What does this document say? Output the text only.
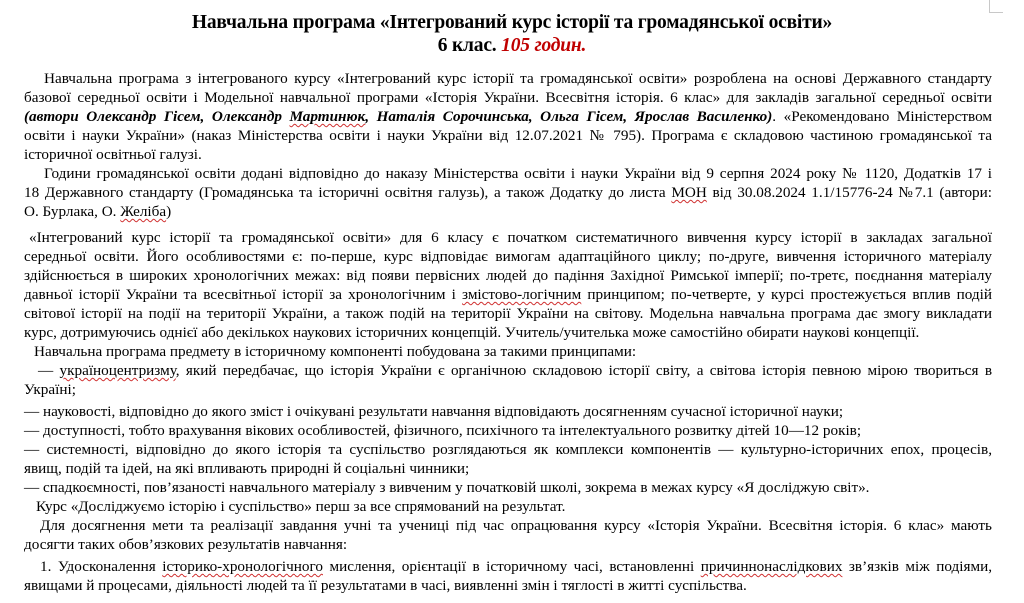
Навчальна програма «Інтегрований курс історії та громадянської освіти»
6 клас. 105 годин.
Навчальна програма з інтегрованого курсу «Інтегрований курс історії та громадянської освіти» розроблена на основі Державного стандарту
базової середньої освіти і Модельної навчальної програми «Історія України. Всесвітня історія. 6 клас» для закладів загальної середньої освіти
(автори Олександр Гісем, Олександр Мартинюк, Наталія Сорочинська, Ольга Гісем, Ярослав Василенко). «Рекомендовано Міністерством
освіти і науки України» (наказ Міністерства освіти і науки України від 12.07.2021 № 795). Програма є складовою частиною громадянської та
історичної освітньої галузі.
Години громадянської освіти додані відповідно до наказу Міністерства освіти і науки України від 9 серпня 2024 року № 1120, Додатків 17 і
18 Державного стандарту (Громадянська та історичні освітня галузь), а також Додатку до листа МОН від 30.08.2024 1.1/15776-24 №7.1 (автори:
О. Бурлака, О. Желіба)
«Інтегрований курс історії та громадянської освіти» для 6 класу є початком систематичного вивчення курсу історії в закладах загальної
середньої освіти. Його особливостями є: по-перше, курс відповідає вимогам адаптаційного циклу; по-друге, вивчення історичного матеріалу
здійснюється в широких хронологічних межах: від появи первісних людей до падіння Західної Римської імперії; по-третє, поєднання матеріалу
давньої історії України та всесвітньої історії за хронологічним і змістово-логічним принципом; по-четверте, у курсі простежується вплив подій
світової історії на події на території України, а також подій на території України на світову. Модельна навчальна програма дає змогу викладати
курс, дотримуючись однієї або декількох наукових історичних концепцій. Учитель/учителька може самостійно обирати наукові концепції.
Навчальна програма предмету в історичному компоненті побудована за такими принципами:
— україноцентризму, який передбачає, що історія України є органічною складовою історії світу, а світова історія певною мірою твориться в
Україні;
— науковості, відповідно до якого зміст і очікувані результати навчання відповідають досягненням сучасної історичної науки;
— доступності, тобто врахування вікових особливостей, фізичного, психічного та інтелектуального розвитку дітей 10—12 років;
— системності, відповідно до якого історія та суспільство розглядаються як комплекси компонентів — культурно-історичних епох, процесів,
явищ, подій та ідей, на які впливають природні й соціальні чинники;
— спадкоємності, пов’язаності навчального матеріалу з вивченим у початковій школі, зокрема в межах курсу «Я досліджую світ».
Курс «Досліджуємо історію і суспільство» перш за все спрямований на результат.
Для досягнення мети та реалізації завдання учні та учениці під час опрацювання курсу «Історія України. Всесвітня історія. 6 клас» мають
досягти таких обов’язкових результатів навчання:
1. Удосконалення історико-хронологічного мислення, орієнтації в історичному часі, встановленні причиннонаслідкових зв’язків між подіями,
явищами й процесами, діяльності людей та її результатами в часі, виявленні змін і тяглості в житті суспільства.
